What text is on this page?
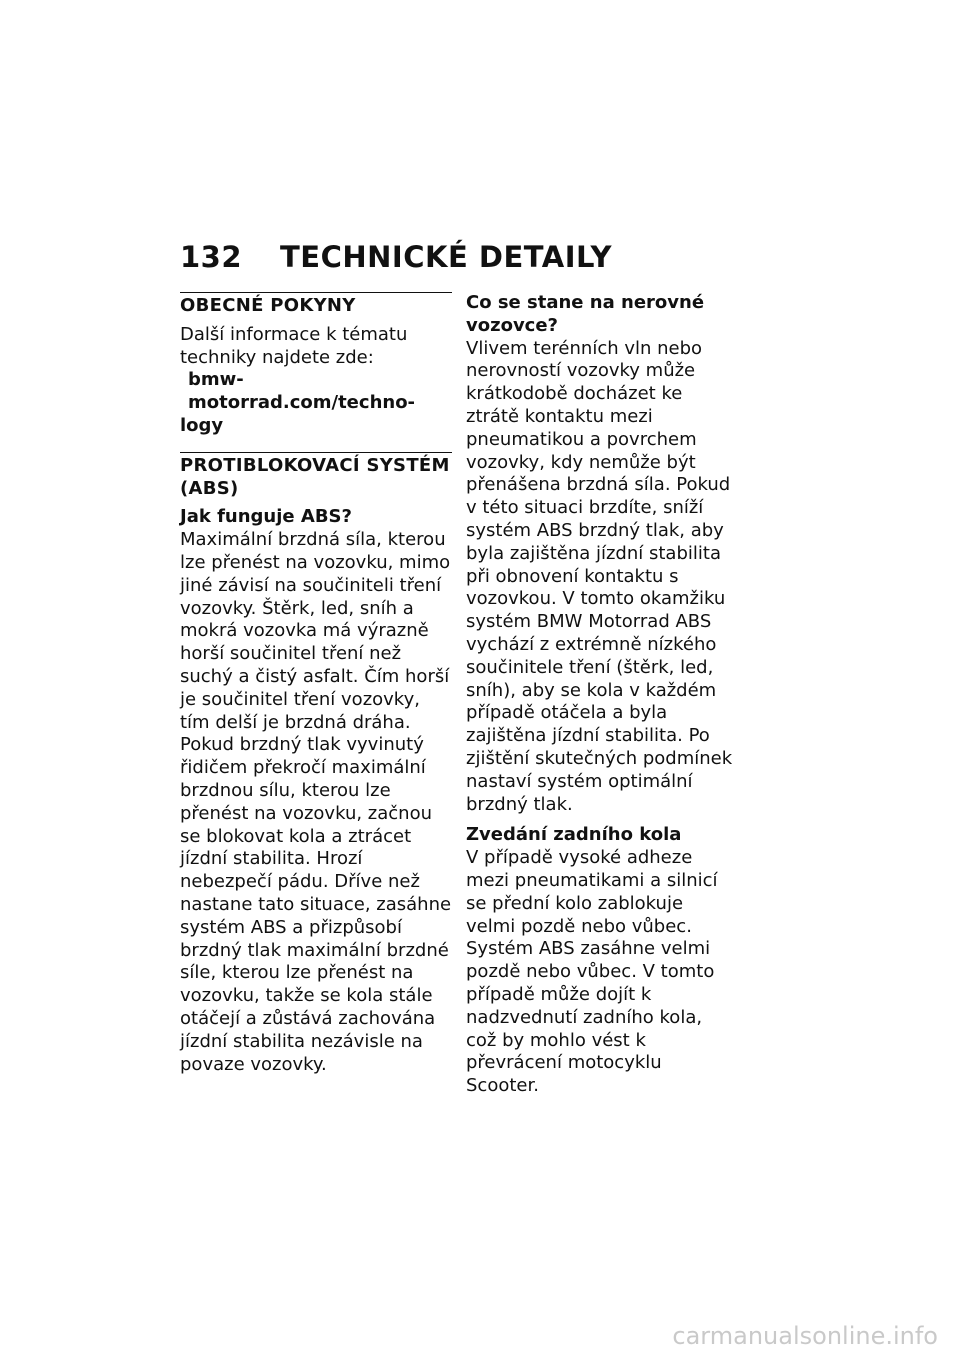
132 TECHNICKÉ DETAILY
OBECNÉ POKYNY

Další informace k tématu techniky najdete zde:

bmw-motorrad.com/techno-

logy

PROTIBLOKOVACÍ SYSTÉM (ABS)
Jak funguje ABS?

Maximální brzdná síla, kterou lze přenést na vozovku, mimo jiné závisí na součiniteli tření vozovky. Štěrk, led, sníh a mokrá vozovka má výrazně horší součinitel tření než suchý a čistý asfalt. Čím horší je součinitel tření vozovky, tím delší je brzdná dráha.

Pokud brzdný tlak vyvinutý řidičem překročí maximální brzdnou sílu, kterou lze přenést na vozovku, začnou se blokovat kola a ztrácet jízdní stabilita. Hrozí nebezpečí pádu. Dříve než nastane tato situace, zasáhne systém ABS a přizpůsobí brzdný tlak maximální brzdné síle, kterou lze přenést na vozovku, takže se kola stále otáčejí a zůstává zachována jízdní stabilita nezávisle na povaze vozovky.

Co se stane na nerovné vozovce?

Vlivem terénních vln nebo nerovností vozovky může krátkodobě docházet ke ztrátě kontaktu mezi pneumatikou a povrchem vozovky, kdy nemůže být přenášena brzdná síla. Pokud v této situaci brzdíte, sníží systém ABS brzdný tlak, aby byla zajištěna jízdní stabilita při obnovení kontaktu s vozovkou. V tomto okamžiku systém BMW Motorrad ABS vychází z extrémně nízkého součinitele tření (štěrk, led, sníh), aby se kola v každém případě otáčela a byla zajištěna jízdní stabilita. Po zjištění skutečných podmínek nastaví systém optimální brzdný tlak.

Zvedání zadního kola

V případě vysoké adheze mezi pneumatikami a silnicí se přední kolo zablokuje velmi pozdě nebo vůbec. Systém ABS zasáhne velmi pozdě nebo vůbec. V tomto případě může dojít k nadzvednutí zadního kola, což by mohlo vést k převrácení motocyklu Scooter.

carmanualsonline.info
